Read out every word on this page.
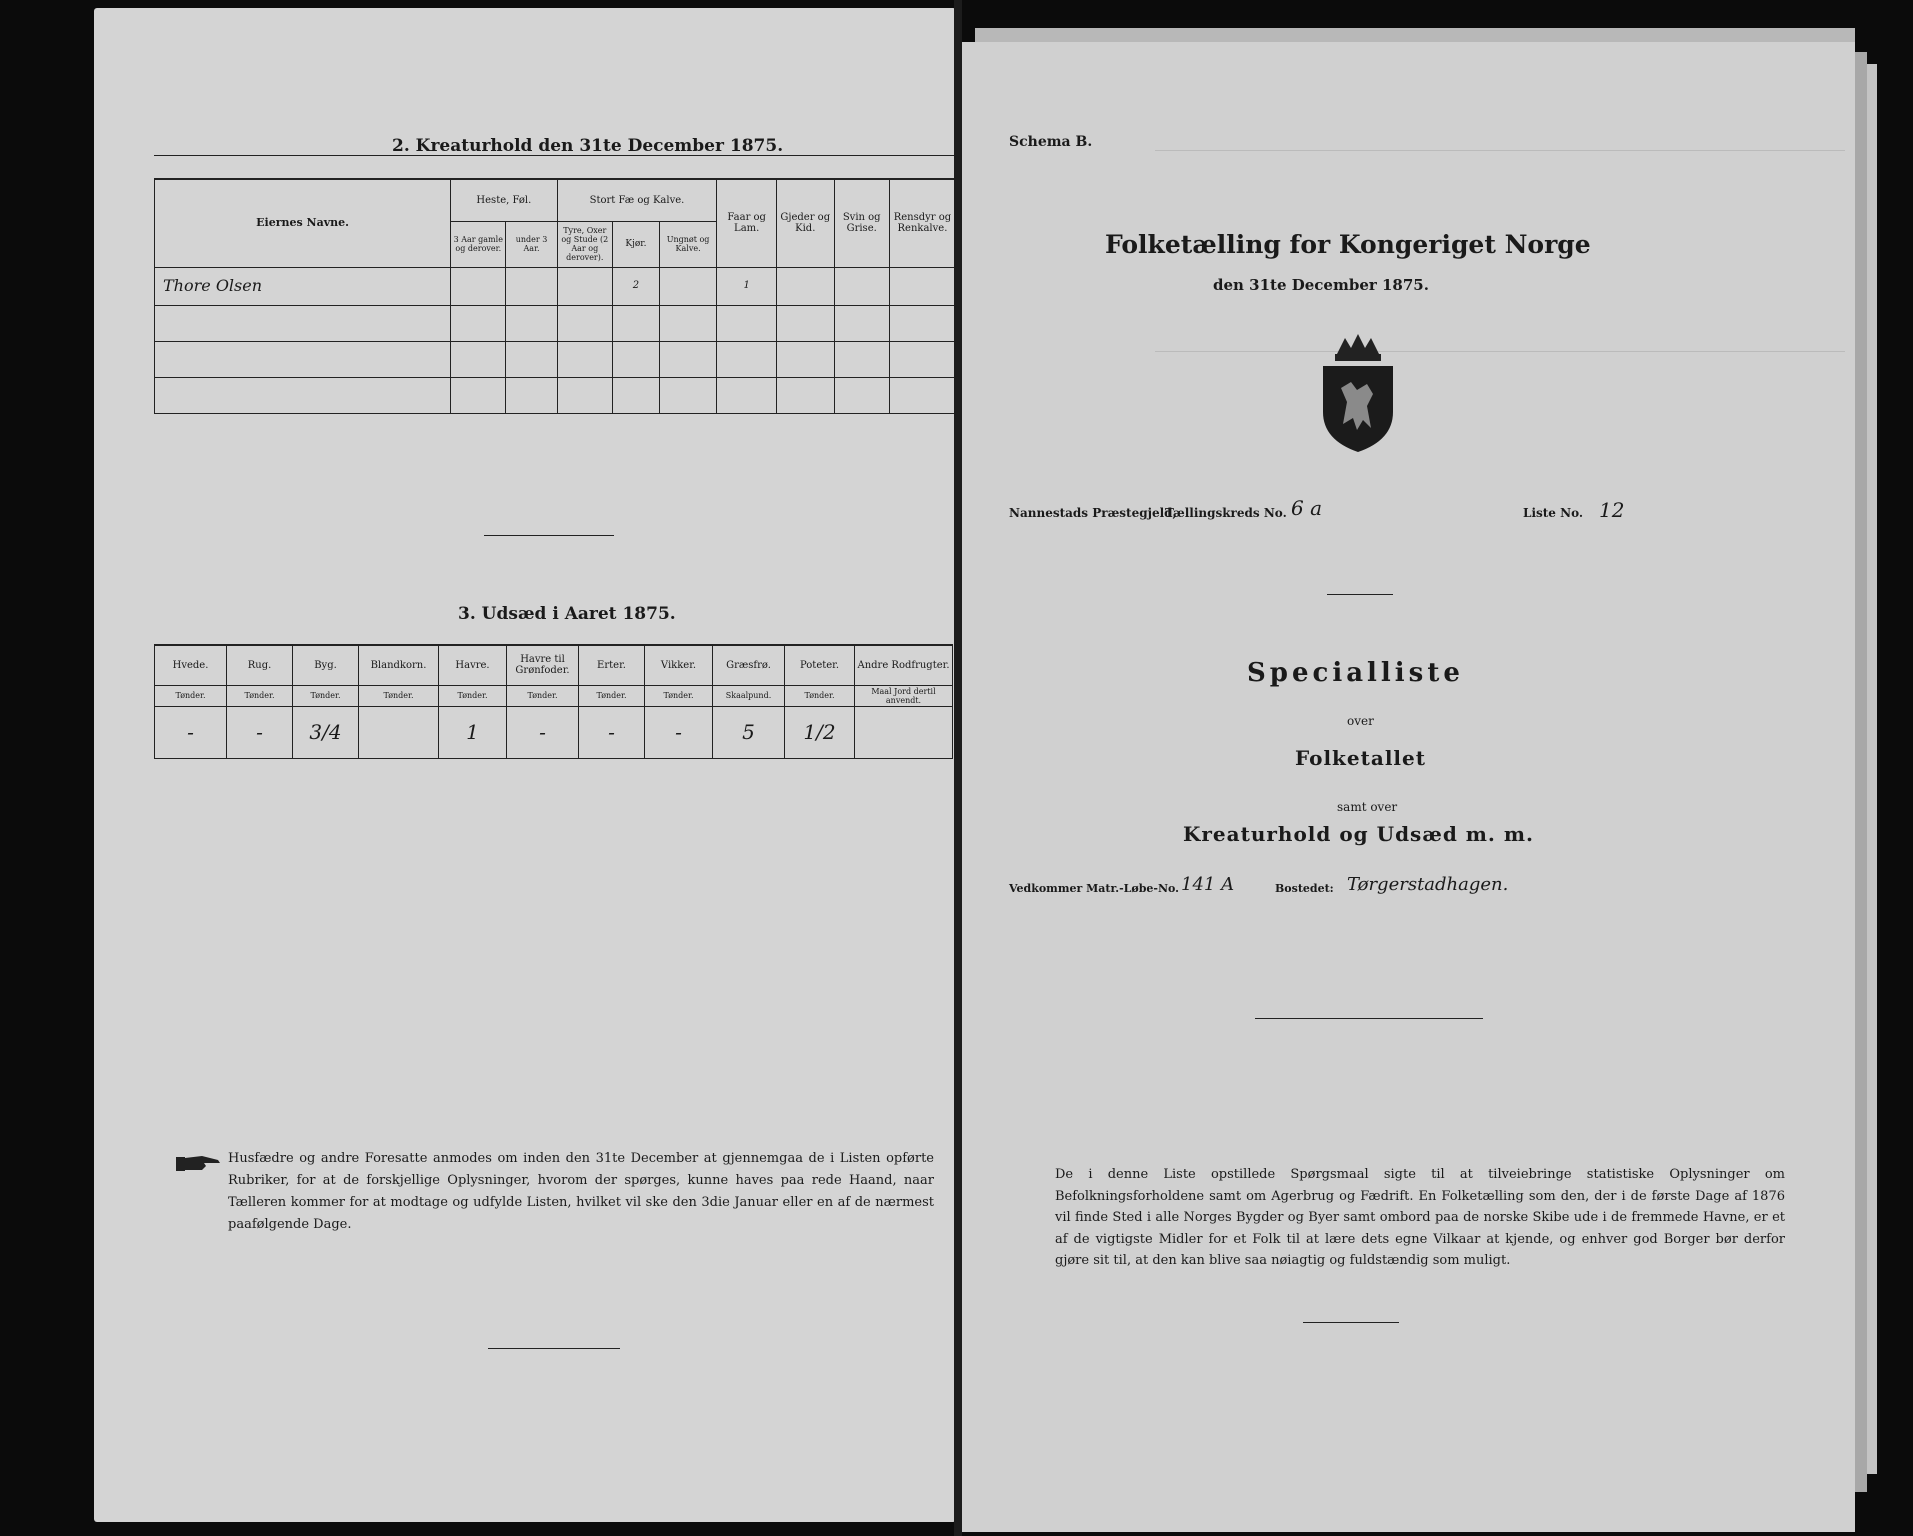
2. Kreaturhold den 31te December 1875.
Eiernes Navne.	Heste, Føl.		Stort Fæ og Kalve.			Faar og Lam.	Gjeder og Kid.	Svin og Grise.	Rensdyr og Renkalve.
	3 Aar gamle og derover.	under 3 Aar.	Tyre, Oxer og Stude (2 Aar og derover).	Kjør.	Ungnøt og Kalve.				
Thore Olsen				2		1			

3. Udsæd i Aaret 1875.
Hvede.	Rug.	Byg.	Blandkorn.	Havre.	Havre til Grønfoder.	Erter.	Vikker.	Græsfrø.	Poteter.	Andre Rodfrugter.
Tønder.	Tønder.	Tønder.	Tønder.	Tønder.	Tønder.	Tønder.	Tønder.	Skaalpund.	Tønder.	Maal Jord dertil anvendt.
-	-	3/4		1	-	-	-	5	1/2	
Husfædre og andre Foresatte anmodes om inden den 31te December at gjennemgaa de i Listen opførte Rubriker, for at de forskjellige Oplysninger, hvorom der spørges, kunne haves paa rede Haand, naar Tælleren kommer for at modtage og udfylde Listen, hvilket vil ske den 3die Januar eller en af de nærmest paafølgende Dage.
Schema B.
Folketælling for Kongeriget Norge
den 31te December 1875.
Nannestads Præstegjeld,
Tællingskreds No. 6 a	Liste No. 12
Specialliste
over
Folketallet
samt over
Kreaturhold og Udsæd m. m.
Vedkommer Matr.-Løbe-No. 141 A	Bostedet: Tørgerstadhagen.
De i denne Liste opstillede Spørgsmaal sigte til at tilveiebringe statistiske Oplysninger om Befolkningsforholdene samt om Agerbrug og Fædrift. En Folketælling som den, der i de første Dage af 1876 vil finde Sted i alle Norges Bygder og Byer samt ombord paa de norske Skibe ude i de fremmede Havne, er et af de vigtigste Midler for et Folk til at lære dets egne Vilkaar at kjende, og enhver god Borger bør derfor gjøre sit til, at den kan blive saa nøiagtig og fuldstændig som muligt.
